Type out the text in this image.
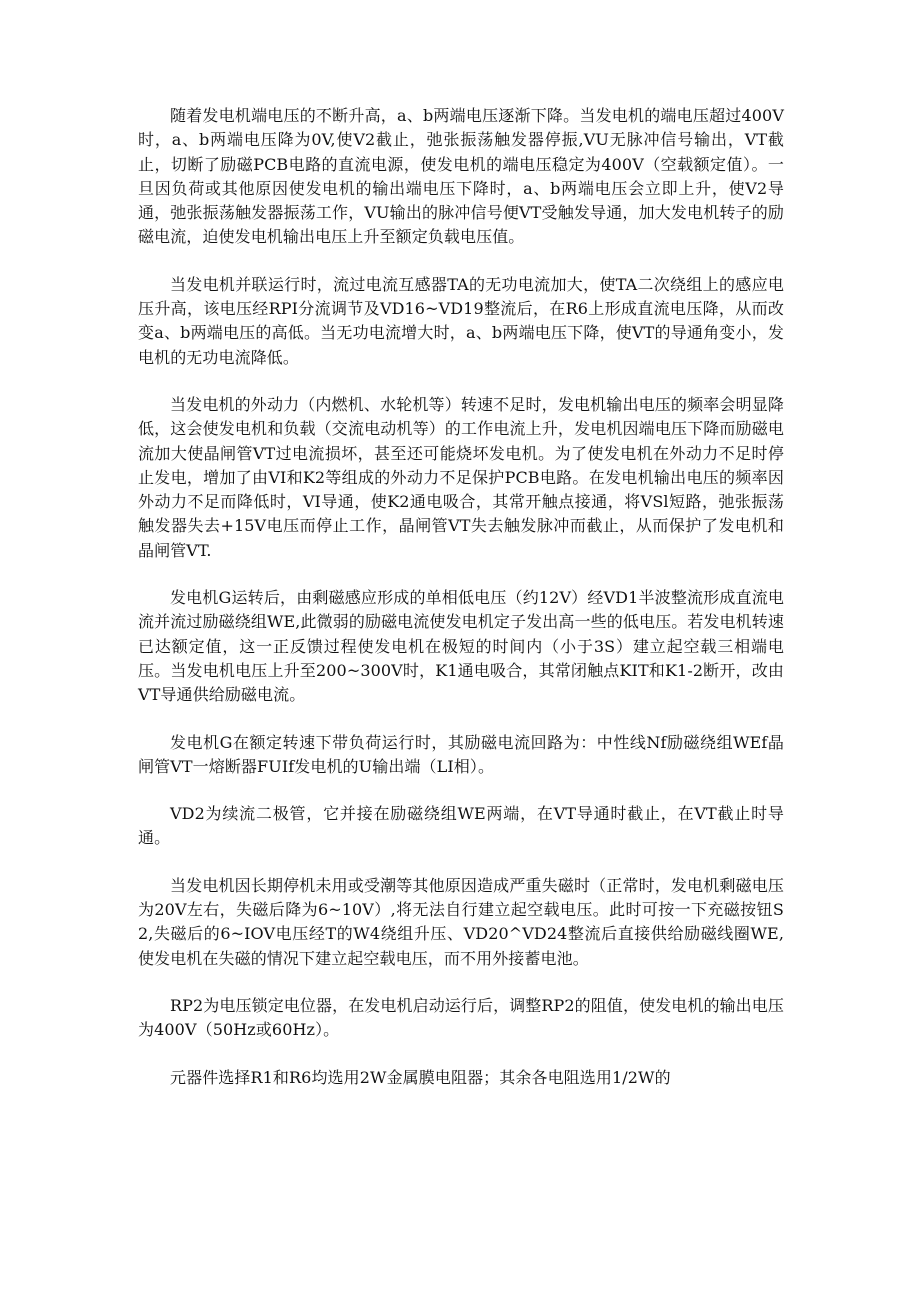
随着发电机端电压的不断升高，a、b两端电压逐渐下降。当发电机的端电压超过400V时，a、b两端电压降为0V,使V2截止，弛张振荡触发器停振,VU无脉冲信号输出，VT截止，切断了励磁PCB电路的直流电源，使发电机的端电压稳定为400V（空载额定值）。一旦因负荷或其他原因使发电机的输出端电压下降时，a、b两端电压会立即上升，使V2导通，弛张振荡触发器振荡工作，VU输出的脉冲信号便VT受触发导通，加大发电机转子的励磁电流，迫使发电机输出电压上升至额定负载电压值。

当发电机并联运行时，流过电流互感器TA的无功电流加大，使TA二次绕组上的感应电压升高，该电压经RPI分流调节及VD16~VD19整流后，在R6上形成直流电压降，从而改变a、b两端电压的高低。当无功电流增大时，a、b两端电压下降，使VT的导通角变小，发电机的无功电流降低。

当发电机的外动力（内燃机、水轮机等）转速不足时，发电机输出电压的频率会明显降低，这会使发电机和负载（交流电动机等）的工作电流上升，发电机因端电压下降而励磁电流加大使晶闸管VT过电流损坏，甚至还可能烧坏发电机。为了使发电机在外动力不足时停止发电，增加了由VI和K2等组成的外动力不足保护PCB电路。在发电机输出电压的频率因外动力不足而降低时，VI导通，使K2通电吸合，其常开触点接通，将VSl短路，弛张振荡触发器失去+15V电压而停止工作，晶闸管VT失去触发脉冲而截止，从而保护了发电机和晶闸管VT.

发电机G运转后，由剩磁感应形成的单相低电压（约12V）经VD1半波整流形成直流电流并流过励磁绕组WE,此微弱的励磁电流使发电机定子发出高一些的低电压。若发电机转速已达额定值，这一正反馈过程使发电机在极短的时间内（小于3S）建立起空载三相端电压。当发电机电压上升至200~300V时，K1通电吸合，其常闭触点KIT和K1-2断开，改由VT导通供给励磁电流。

发电机G在额定转速下带负荷运行时，其励磁电流回路为：中性线Nf励磁绕组WEf晶闸管VT一熔断器FUIf发电机的U输出端（LI相）。

VD2为续流二极管，它并接在励磁绕组WE两端，在VT导通时截止，在VT截止时导通。

当发电机因长期停机未用或受潮等其他原因造成严重失磁时（正常时，发电机剩磁电压为20V左右，失磁后降为6~10V）,将无法自行建立起空载电压。此时可按一下充磁按钮S2,失磁后的6~IOV电压经T的W4绕组升压、VD20^VD24整流后直接供给励磁线圈WE,使发电机在失磁的情况下建立起空载电压，而不用外接蓄电池。

RP2为电压锁定电位器，在发电机启动运行后，调整RP2的阻值，使发电机的输出电压为400V（50Hz或60Hz）。

元器件选择R1和R6均选用2W金属膜电阻器；其余各电阻选用1/2W的
